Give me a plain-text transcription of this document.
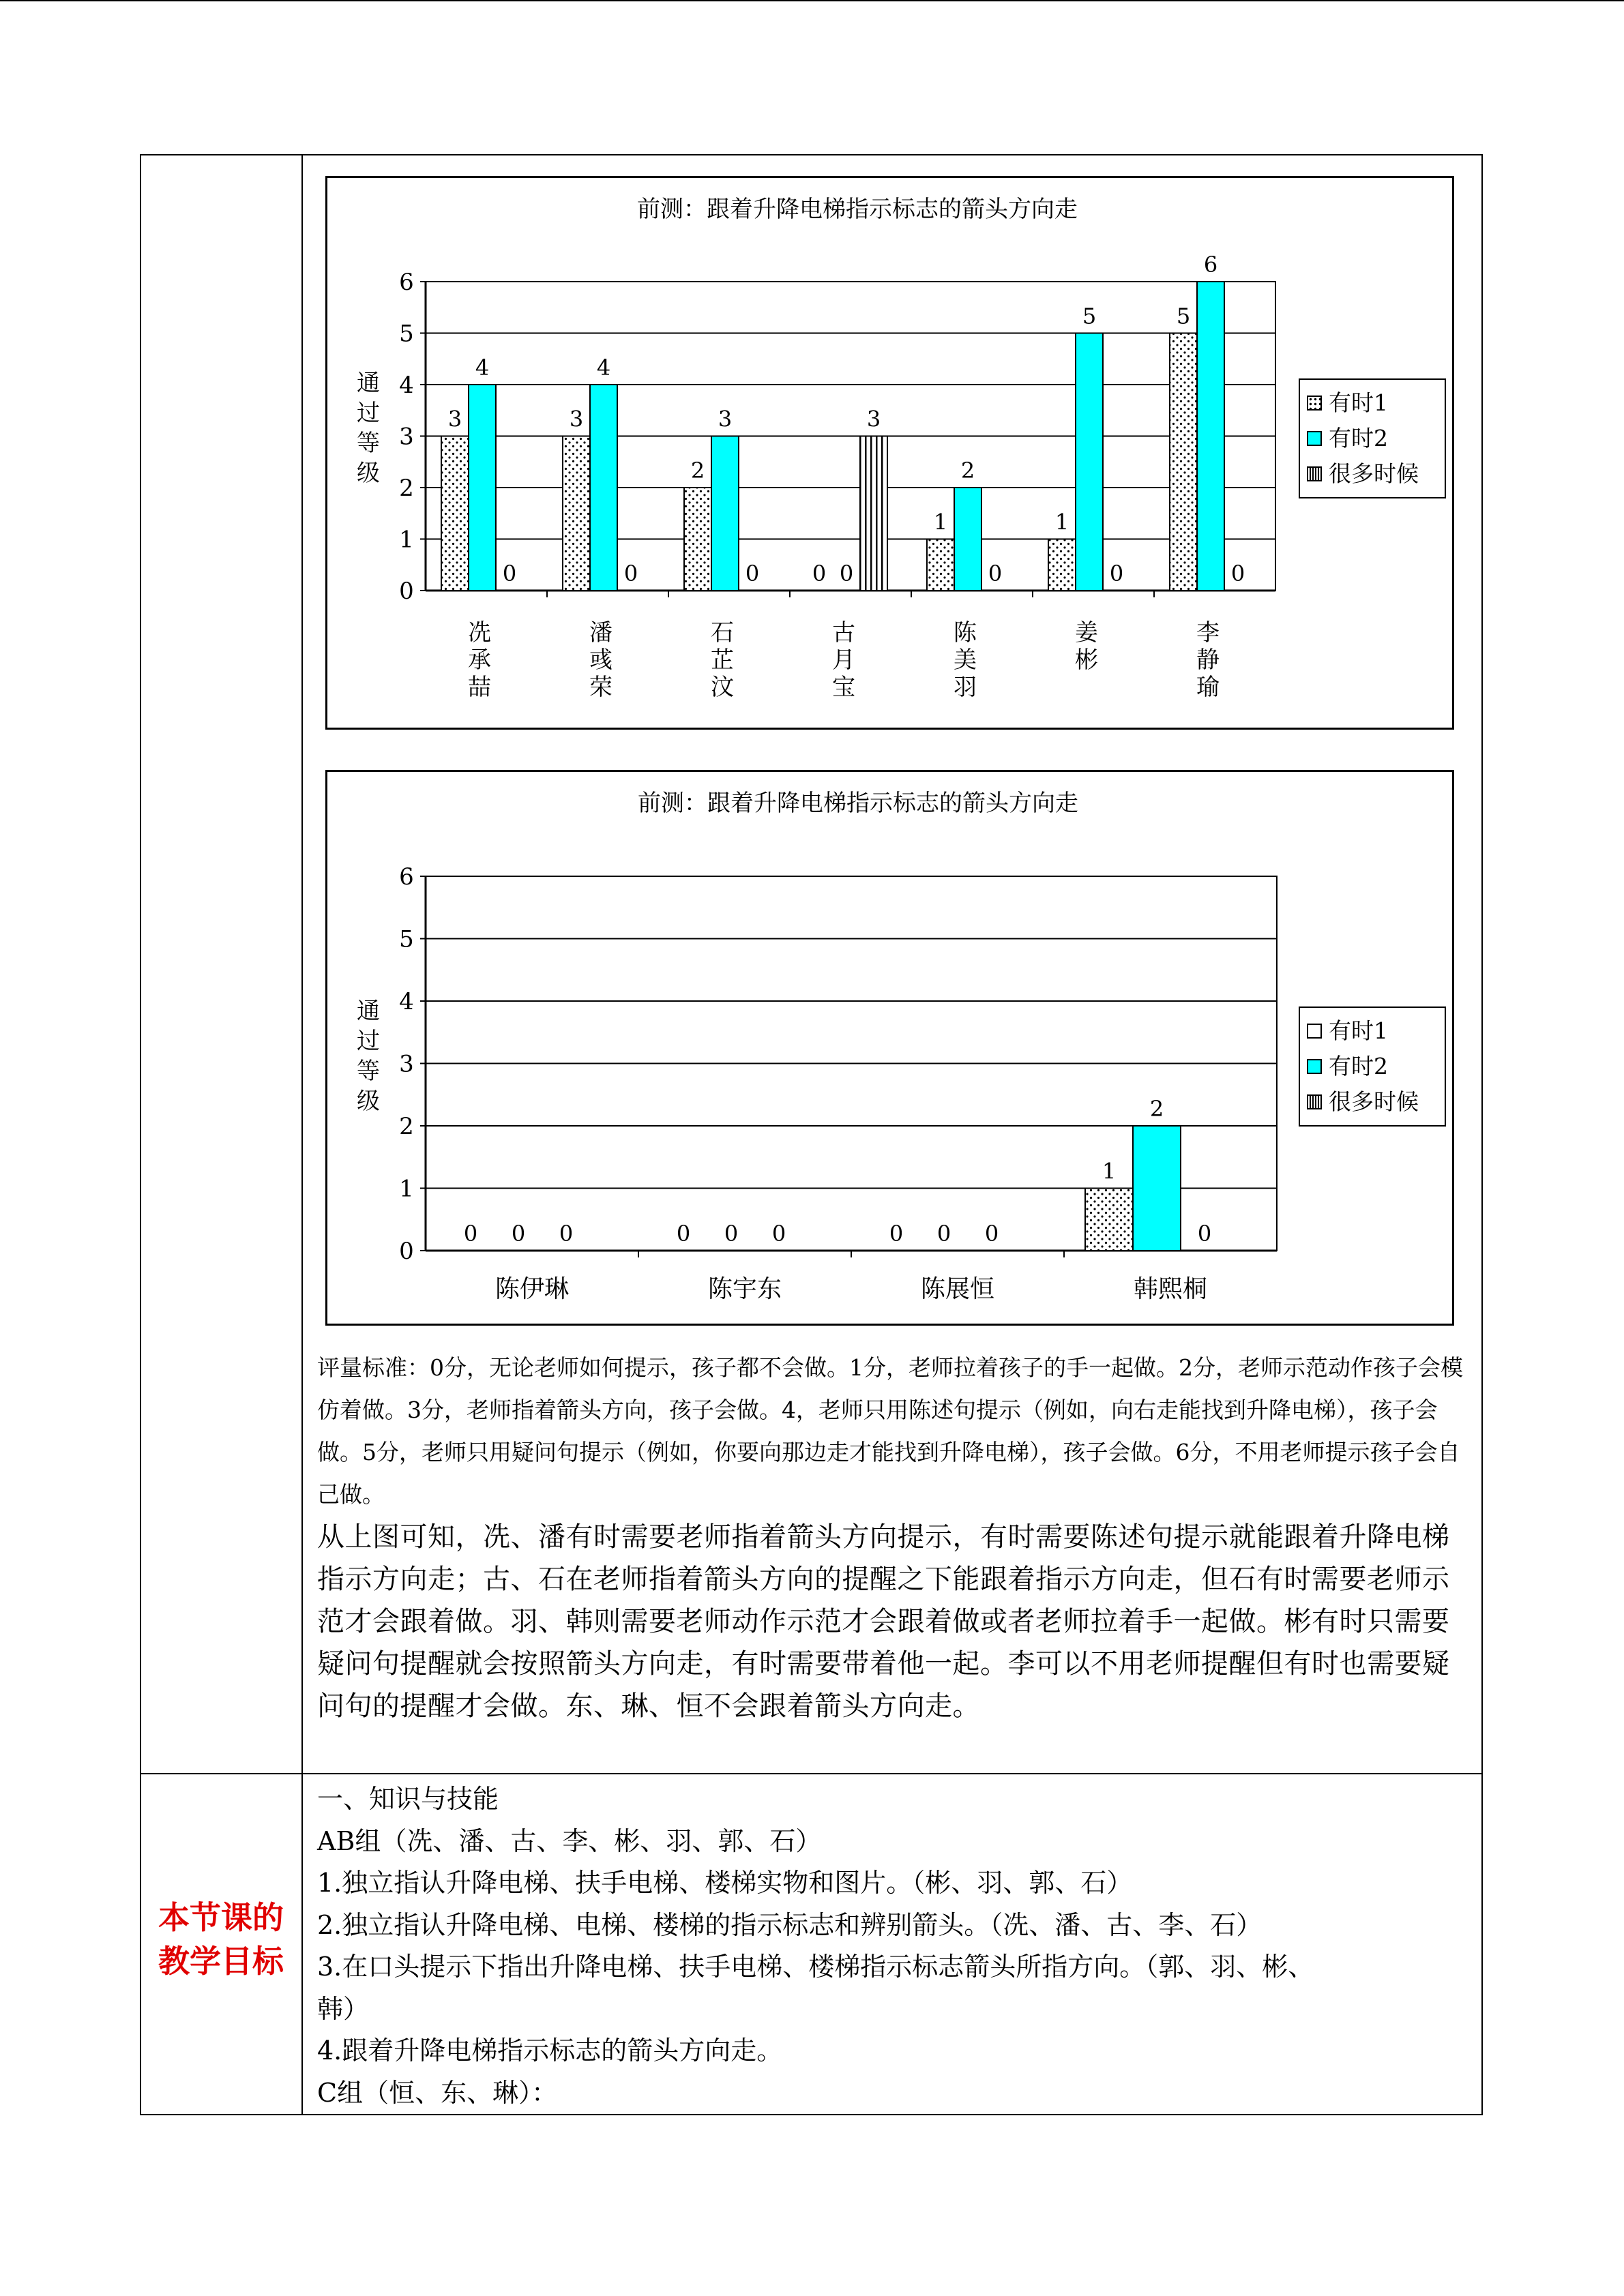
前测：跟着升降电梯指示标志的箭头方向走
0
1
2
3
4
5
6
通
过
等
级
3
4
0
冼
承
喆
3
4
0
潘
彧
荣
2
3
0
石
芷
汶
0 0
3
古
月
宝
1
2
0
陈
美
羽
1
5
0
姜
彬
5
6
0
李
静
瑜
有时1
有时2
很多时候
前测：跟着升降电梯指示标志的箭头方向走
0
1
2
3
4
5
6
通
过
等
级
0 0 0
陈伊琳
0 0 0
陈宇东
0 0 0
陈展恒
1
2
0
韩熙桐
有时1
有时2
很多时候
评量标准：0分，无论老师如何提示，孩子都不会做。1分，老师拉着孩子的手一起做。2分，老师示范动作孩子会模仿着做。3分，老师指着箭头方向，孩子会做。4，老师只用陈述句提示（例如，向右走能找到升降电梯），孩子会做。5分，老师只用疑问句提示（例如，你要向那边走才能找到升降电梯），孩子会做。6分，不用老师提示孩子会自己做。
从上图可知，冼、潘有时需要老师指着箭头方向提示，有时需要陈述句提示就能跟着升降电梯指示方向走；古、石在老师指着箭头方向的提醒之下能跟着指示方向走，但石有时需要老师示范才会跟着做。羽、韩则需要老师动作示范才会跟着做或者老师拉着手一起做。彬有时只需要疑问句提醒就会按照箭头方向走，有时需要带着他一起。李可以不用老师提醒但有时也需要疑问句的提醒才会做。东、琳、恒不会跟着箭头方向走。
本节课的教学目标
一、知识与技能
AB组（冼、潘、古、李、彬、羽、郭、石）
1.独立指认升降电梯、扶手电梯、楼梯实物和图片。（彬、羽、郭、石）
2.独立指认升降电梯、电梯、楼梯的指示标志和辨别箭头。（冼、潘、古、李、石）
3.在口头提示下指出升降电梯、扶手电梯、楼梯指示标志箭头所指方向。（郭、羽、彬、
韩）
4.跟着升降电梯指示标志的箭头方向走。
C组（恒、东、琳）：
